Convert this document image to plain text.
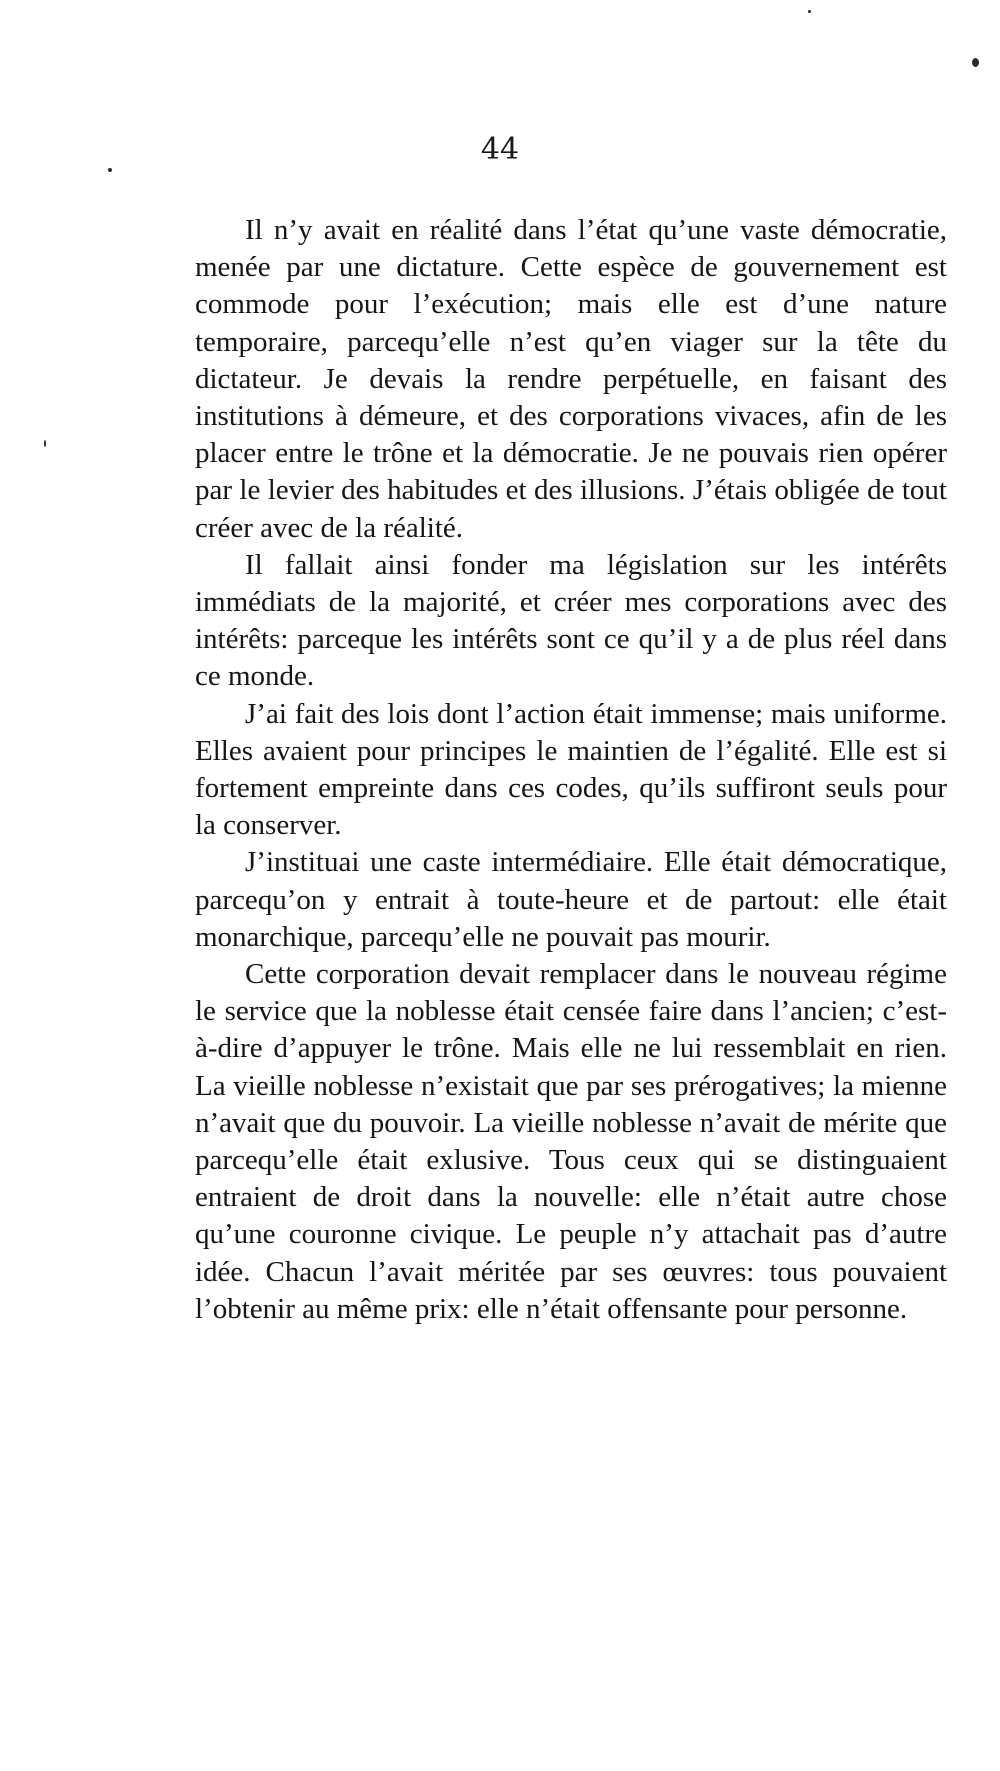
44

Il n’y avait en réalité dans l’état qu’une vaste démocratie, menée par une dictature. Cette espèce de gouvernement est commode pour l’exécution; mais elle est d’une nature temporaire, parcequ’elle n’est qu’en viager sur la tête du dictateur. Je devais la rendre perpétuelle, en faisant des institutions à démeure, et des corporations vivaces, afin de les placer entre le trône et la démocratie. Je ne pouvais rien opérer par le levier des habitudes et des illusions. J’étais obligée de tout créer avec de la réalité.

Il fallait ainsi fonder ma législation sur les intérêts immédiats de la majorité, et créer mes corporations avec des intérêts: parceque les intérêts sont ce qu’il y a de plus réel dans ce monde.

J’ai fait des lois dont l’action était immense; mais uniforme. Elles avaient pour principes le maintien de l’égalité. Elle est si fortement empreinte dans ces codes, qu’ils suffiront seuls pour la conserver.

J’instituai une caste intermédiaire. Elle était démocratique, parcequ’on y entrait à toute-heure et de partout: elle était monarchique, parcequ’elle ne pouvait pas mourir.

Cette corporation devait remplacer dans le nouveau régime le service que la noblesse était censée faire dans l’ancien; c’est-à-dire d’appuyer le trône. Mais elle ne lui ressemblait en rien. La vieille noblesse n’existait que par ses prérogatives; la mienne n’avait que du pouvoir. La vieille noblesse n’avait de mérite que parcequ’elle était exlusive. Tous ceux qui se distinguaient entraient de droit dans la nouvelle: elle n’était autre chose qu’une couronne civique. Le peuple n’y attachait pas d’autre idée. Chacun l’avait méritée par ses œuvres: tous pouvaient l’obtenir au même prix: elle n’était offensante pour personne.
